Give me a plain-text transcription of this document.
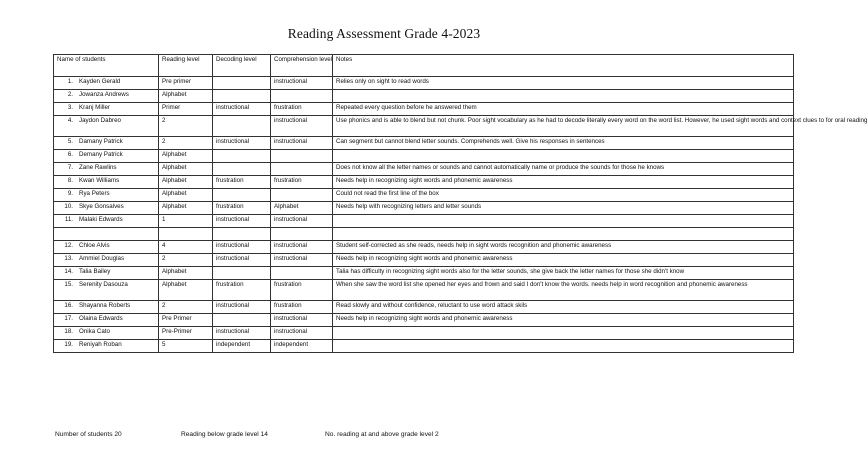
Reading Assessment Grade 4-2023
Name of students	Reading level	Decoding level	Comprehension level	Notes
1. Kayden Gerald	Pre primer		instructional	Relies only on sight to read words
2. Jowanza Andrews	Alphabet			
3. Kranj Miller	Primer	instructional	frustration	Repeated every question before he answered them
4. Jaydon Dabreo	2		instructional	Use phonics and is able to blend but not chunk. Poor sight vocabulary as he had to decode literally every word on the word list. However, he used sight words and context clues to for oral reading
5. Damany Patrick	2	instructional	instructional	Can segment but cannot blend letter sounds. Comprehends well. Give his responses in sentences
6. Demany Patrick	Alphabet			
7. Zane Rawlins	Alphabet			Does not know all the letter names or sounds and cannot automatically name or produce the sounds for those he knows
8. Kwan Williams	Alphabet	frustration	frustration	Needs help in recognizing sight words and phonemic awareness
9. Rya Peters	Alphabet			Could not read the first line of the box
10. Skye Gonsalves	Alphabet	frustration	Alphabet	Needs help with recognizing letters and letter sounds
11. Malaki Edwards	1	instructional	instructional	

12. Chloe Alvis	4	instructional	instructional	Student self-corrected as she reads, needs help in sight words recognition and phonemic awareness
13. Ammiel Douglas	2	instructional	instructional	Needs help in recognizing sight words and phonemic awareness
14. Talia Bailey	Alphabet			Talia has difficulty in recognizing sight words also for the letter sounds, she give back the letter names for those she didn't know
15. Serenity Dasouza	Alphabet	frustration	frustration	When she saw the word list she opened her eyes and frown and said I don't know the words. needs help in word recognition and phonemic awareness
16. Shayanna Roberts	2	instructional	frustration	Read slowly and without confidence, reluctant to use word attack skils
17. Olaina Edwards	Pre Primer		instructional	Needs help in recognizing sight words and phonemic awareness
18. Onika Cato	Pre-Primer	instructional	instructional	
19. Reniyah Roban	5	independent	independent	
Number of students 20	Reading below grade level 14	No. reading at and above grade level 2
